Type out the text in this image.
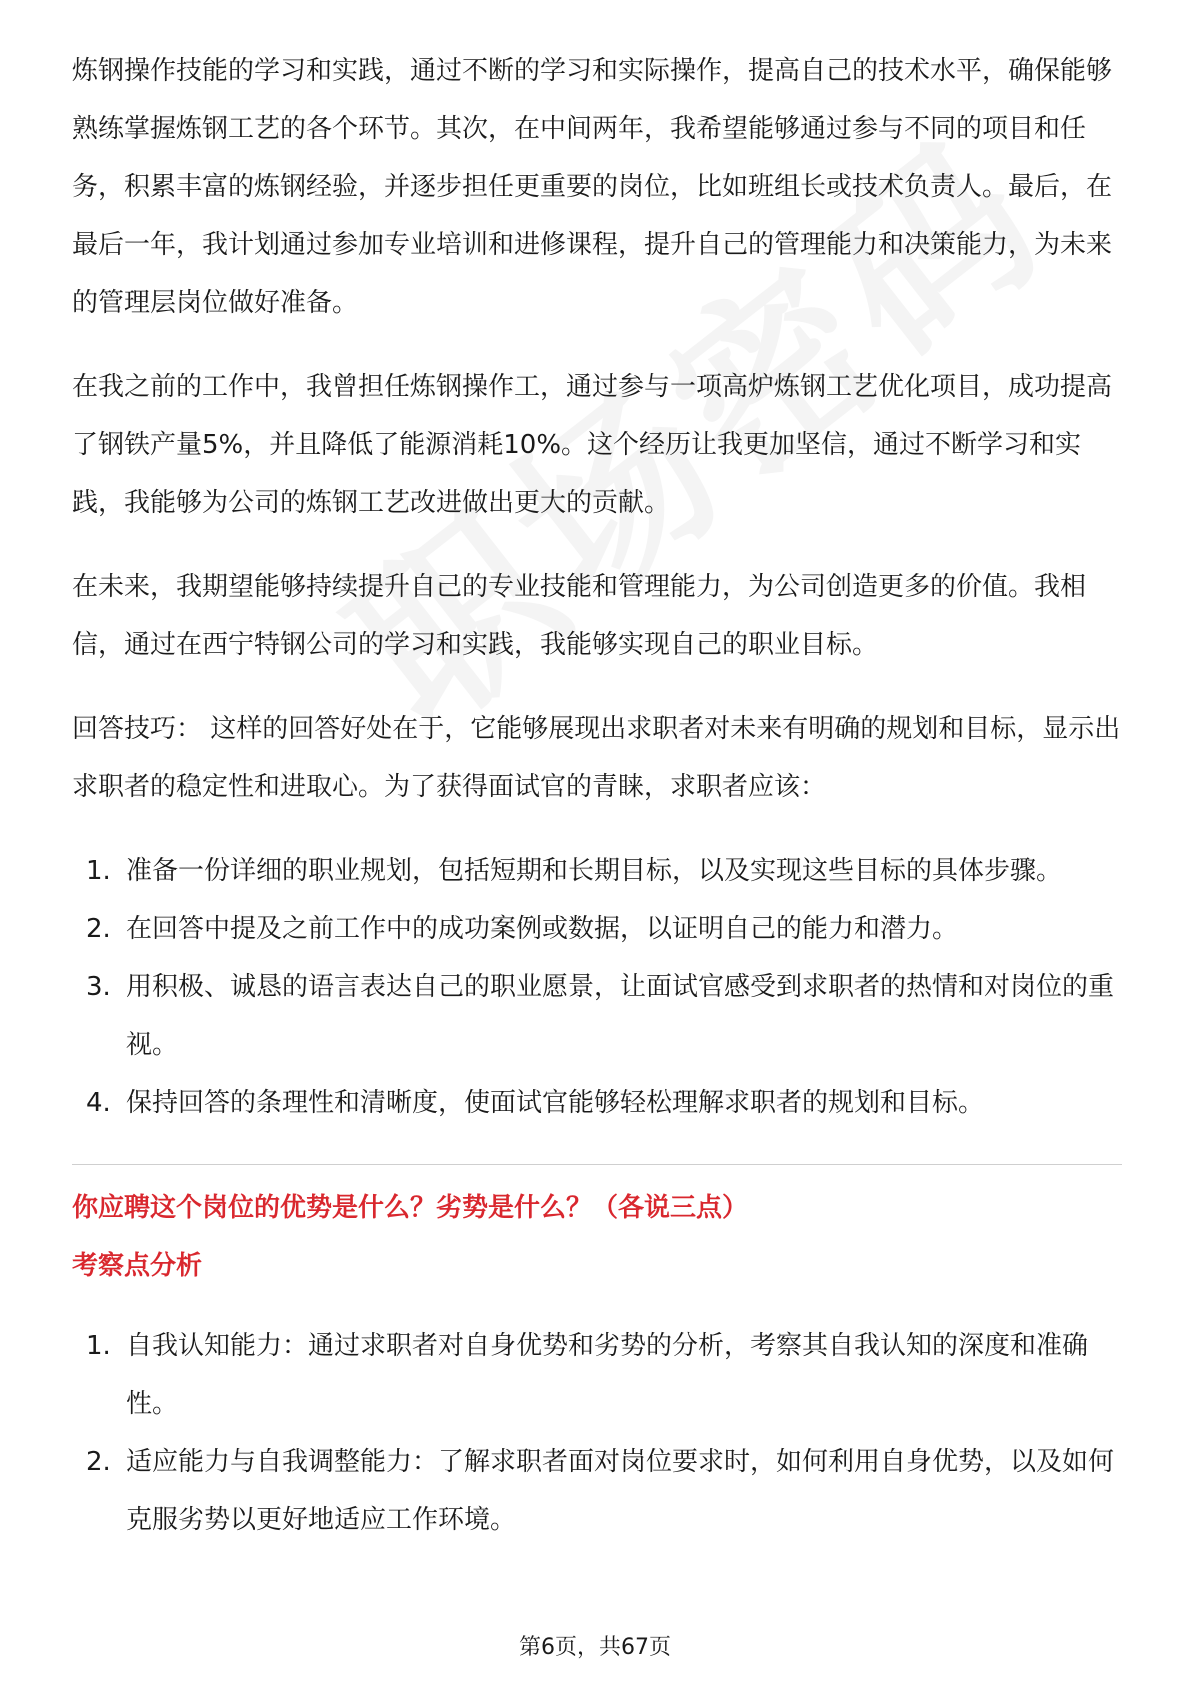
炼钢操作技能的学习和实践，通过不断的学习和实际操作，提高自己的技术水平，确保能够熟练掌握炼钢工艺的各个环节。其次，在中间两年，我希望能够通过参与不同的项目和任务，积累丰富的炼钢经验，并逐步担任更重要的岗位，比如班组长或技术负责人。最后，在最后一年，我计划通过参加专业培训和进修课程，提升自己的管理能力和决策能力，为未来的管理层岗位做好准备。

在我之前的工作中，我曾担任炼钢操作工，通过参与一项高炉炼钢工艺优化项目，成功提高了钢铁产量5%，并且降低了能源消耗10%。这个经历让我更加坚信，通过不断学习和实践，我能够为公司的炼钢工艺改进做出更大的贡献。

在未来，我期望能够持续提升自己的专业技能和管理能力，为公司创造更多的价值。我相信，通过在西宁特钢公司的学习和实践，我能够实现自己的职业目标。

回答技巧： 这样的回答好处在于，它能够展现出求职者对未来有明确的规划和目标，显示出求职者的稳定性和进取心。为了获得面试官的青睐，求职者应该：

1. 准备一份详细的职业规划，包括短期和长期目标，以及实现这些目标的具体步骤。
2. 在回答中提及之前工作中的成功案例或数据，以证明自己的能力和潜力。
3. 用积极、诚恳的语言表达自己的职业愿景，让面试官感受到求职者的热情和对岗位的重视。
4. 保持回答的条理性和清晰度，使面试官能够轻松理解求职者的规划和目标。
你应聘这个岗位的优势是什么？劣势是什么？（各说三点）
考察点分析
1. 自我认知能力：通过求职者对自身优势和劣势的分析，考察其自我认知的深度和准确性。
2. 适应能力与自我调整能力：了解求职者面对岗位要求时，如何利用自身优势，以及如何克服劣势以更好地适应工作环境。
第6页，共67页
